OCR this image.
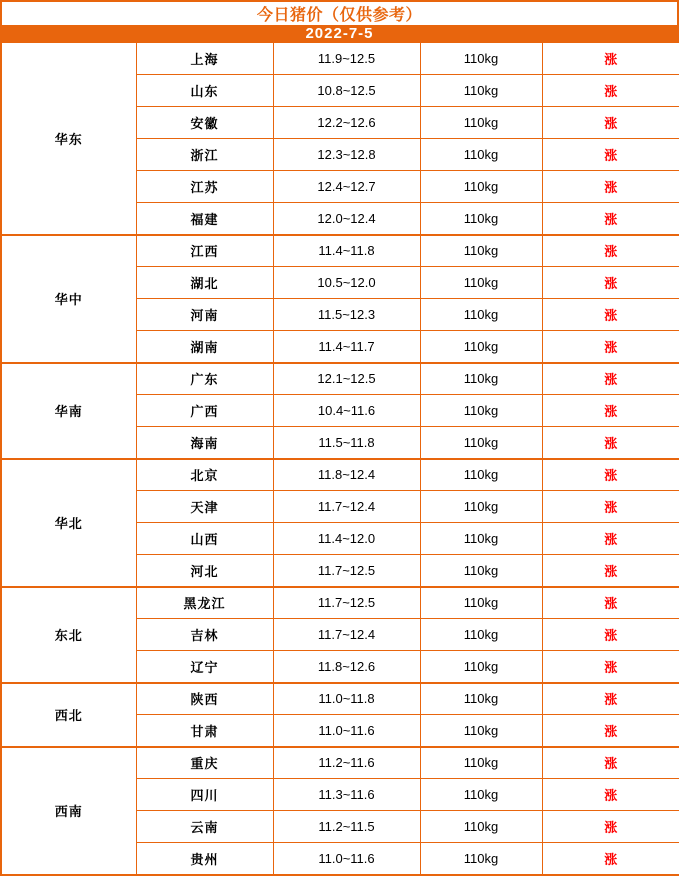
今日猪价（仅供参考）
2022-7-5
华东	上海	11.9~12.5	110kg	涨
	山东	10.8~12.5	110kg	涨
	安徽	12.2~12.6	110kg	涨
	浙江	12.3~12.8	110kg	涨
	江苏	12.4~12.7	110kg	涨
	福建	12.0~12.4	110kg	涨
华中	江西	11.4~11.8	110kg	涨
	湖北	10.5~12.0	110kg	涨
	河南	11.5~12.3	110kg	涨
	湖南	11.4~11.7	110kg	涨
华南	广东	12.1~12.5	110kg	涨
	广西	10.4~11.6	110kg	涨
	海南	11.5~11.8	110kg	涨
华北	北京	11.8~12.4	110kg	涨
	天津	11.7~12.4	110kg	涨
	山西	11.4~12.0	110kg	涨
	河北	11.7~12.5	110kg	涨
东北	黑龙江	11.7~12.5	110kg	涨
	吉林	11.7~12.4	110kg	涨
	辽宁	11.8~12.6	110kg	涨
西北	陕西	11.0~11.8	110kg	涨
	甘肃	11.0~11.6	110kg	涨
西南	重庆	11.2~11.6	110kg	涨
	四川	11.3~11.6	110kg	涨
	云南	11.2~11.5	110kg	涨
	贵州	11.0~11.6	110kg	涨
